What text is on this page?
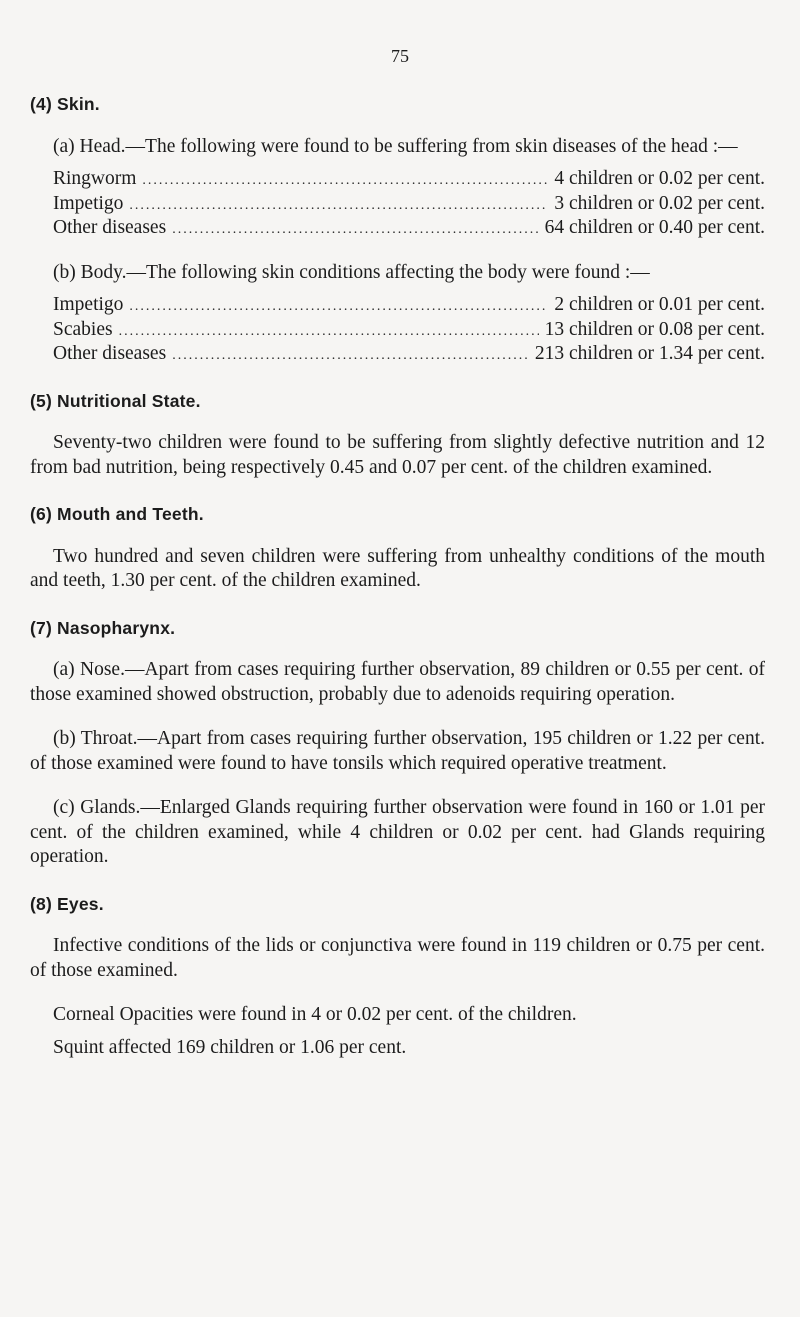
75
(4) Skin.

(a) Head.—The following were found to be suffering from skin diseases of the head :—

Ringworm .....	4 children or 0.02 per cent.
Impetigo .....	3 children or 0.02 per cent.
Other diseases .....	64 children or 0.40 per cent.

(b) Body.—The following skin conditions affecting the body were found :—

Impetigo .....	2 children or 0.01 per cent.
Scabies .....	13 children or 0.08 per cent.
Other diseases .....	213 children or 1.34 per cent.
(5) Nutritional State.

Seventy-two children were found to be suffering from slightly defective nutrition and 12 from bad nutrition, being respectively 0.45 and 0.07 per cent. of the children examined.

(6) Mouth and Teeth.

Two hundred and seven children were suffering from unhealthy conditions of the mouth and teeth, 1.30 per cent. of the children examined.

(7) Nasopharynx.

(a) Nose.—Apart from cases requiring further observation, 89 children or 0.55 per cent. of those examined showed obstruction, probably due to adenoids requiring operation.

(b) Throat.—Apart from cases requiring further observation, 195 children or 1.22 per cent. of those examined were found to have tonsils which required operative treatment.

(c) Glands.—Enlarged Glands requiring further observation were found in 160 or 1.01 per cent. of the children examined, while 4 children or 0.02 per cent. had Glands requiring operation.

(8) Eyes.

Infective conditions of the lids or conjunctiva were found in 119 children or 0.75 per cent. of those examined.

Corneal Opacities were found in 4 or 0.02 per cent. of the children.

Squint affected 169 children or 1.06 per cent.
